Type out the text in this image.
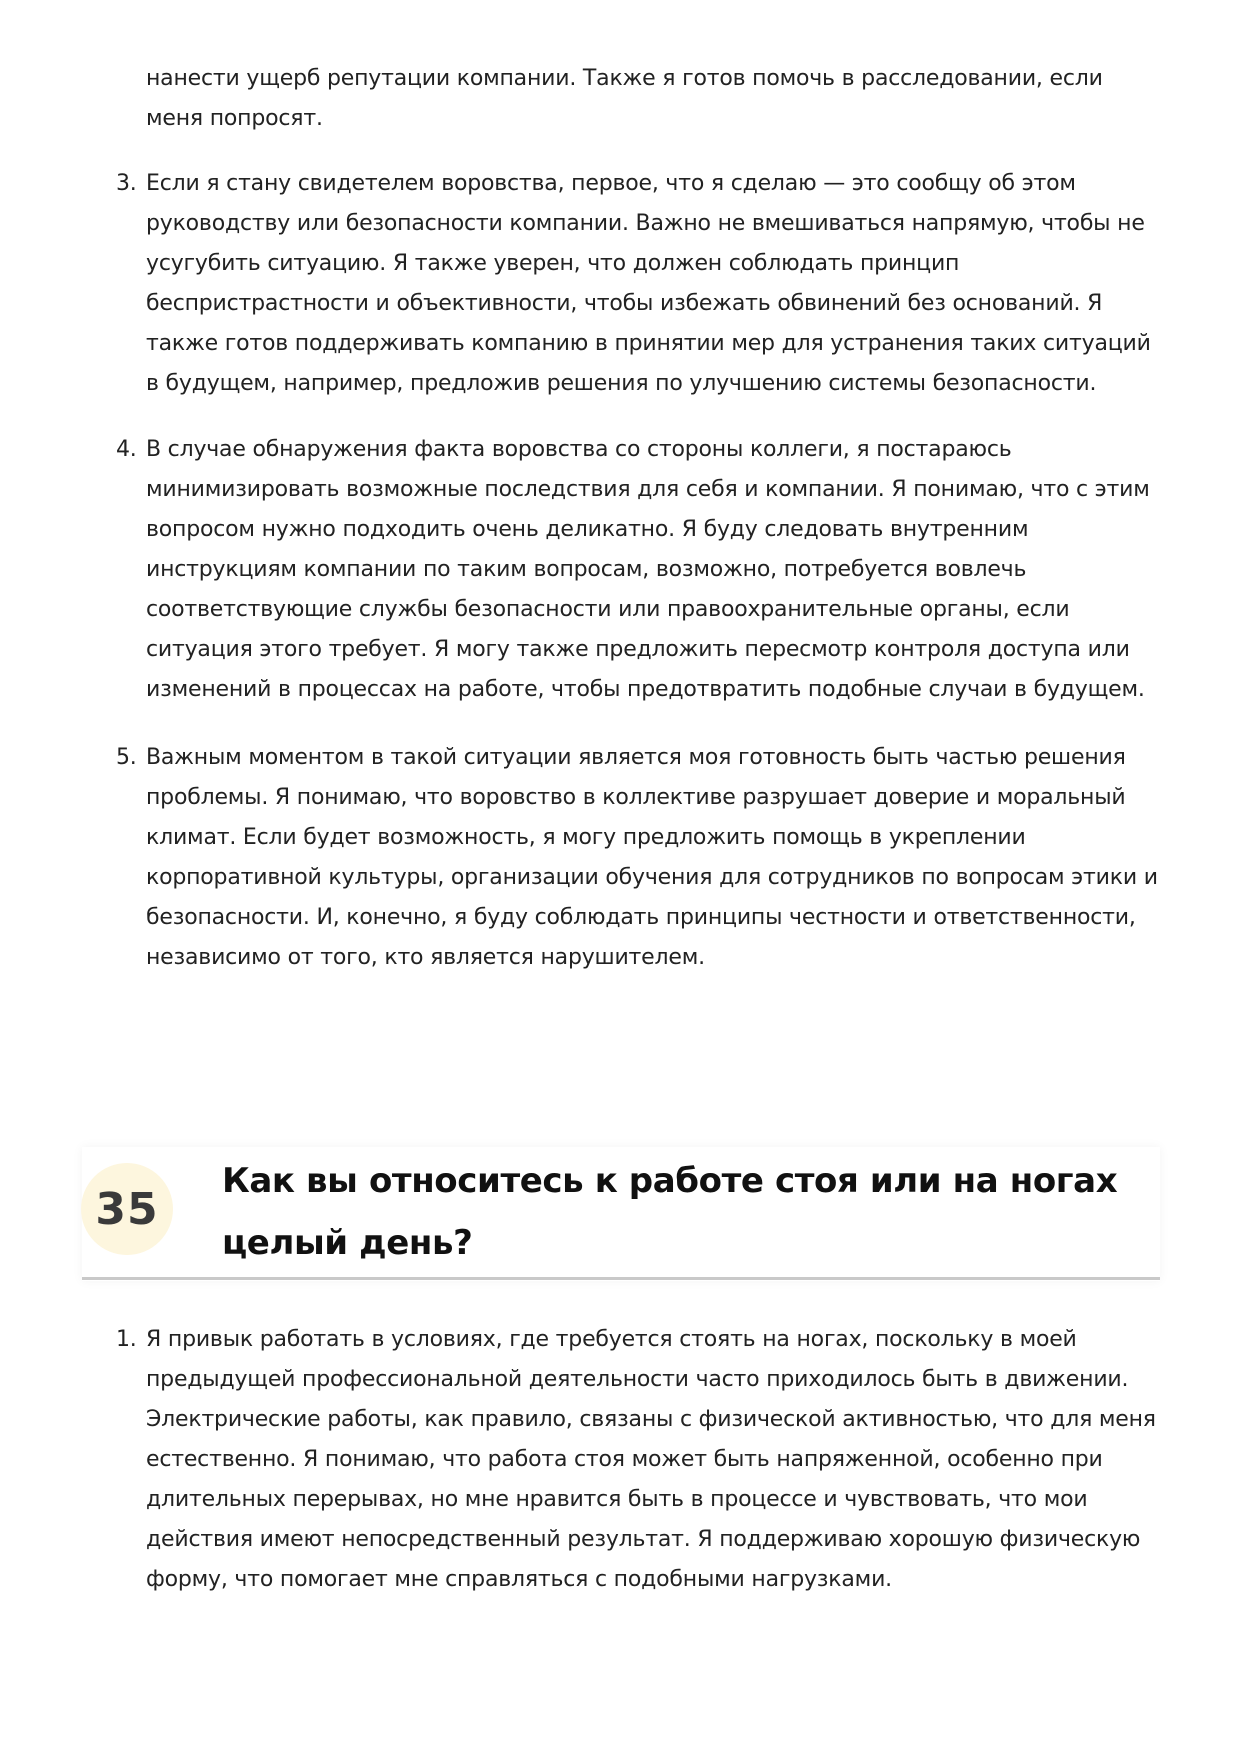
нанести ущерб репутации компании. Также я готов помочь в расследовании, если меня попросят.

3. Если я стану свидетелем воровства, первое, что я сделаю — это сообщу об этом руководству или безопасности компании. Важно не вмешиваться напрямую, чтобы не усугубить ситуацию. Я также уверен, что должен соблюдать принцип беспристрастности и объективности, чтобы избежать обвинений без оснований. Я также готов поддерживать компанию в принятии мер для устранения таких ситуаций в будущем, например, предложив решения по улучшению системы безопасности.
4. В случае обнаружения факта воровства со стороны коллеги, я постараюсь минимизировать возможные последствия для себя и компании. Я понимаю, что с этим вопросом нужно подходить очень деликатно. Я буду следовать внутренним инструкциям компании по таким вопросам, возможно, потребуется вовлечь соответствующие службы безопасности или правоохранительные органы, если ситуация этого требует. Я могу также предложить пересмотр контроля доступа или изменений в процессах на работе, чтобы предотвратить подобные случаи в будущем.
5. Важным моментом в такой ситуации является моя готовность быть частью решения проблемы. Я понимаю, что воровство в коллективе разрушает доверие и моральный климат. Если будет возможность, я могу предложить помощь в укреплении корпоративной культуры, организации обучения для сотрудников по вопросам этики и безопасности. И, конечно, я буду соблюдать принципы честности и ответственности, независимо от того, кто является нарушителем.
35
Как вы относитесь к работе стоя или на ногах целый день?
1. Я привык работать в условиях, где требуется стоять на ногах, поскольку в моей предыдущей профессиональной деятельности часто приходилось быть в движении. Электрические работы, как правило, связаны с физической активностью, что для меня естественно. Я понимаю, что работа стоя может быть напряженной, особенно при длительных перерывах, но мне нравится быть в процессе и чувствовать, что мои действия имеют непосредственный результат. Я поддерживаю хорошую физическую форму, что помогает мне справляться с подобными нагрузками.
